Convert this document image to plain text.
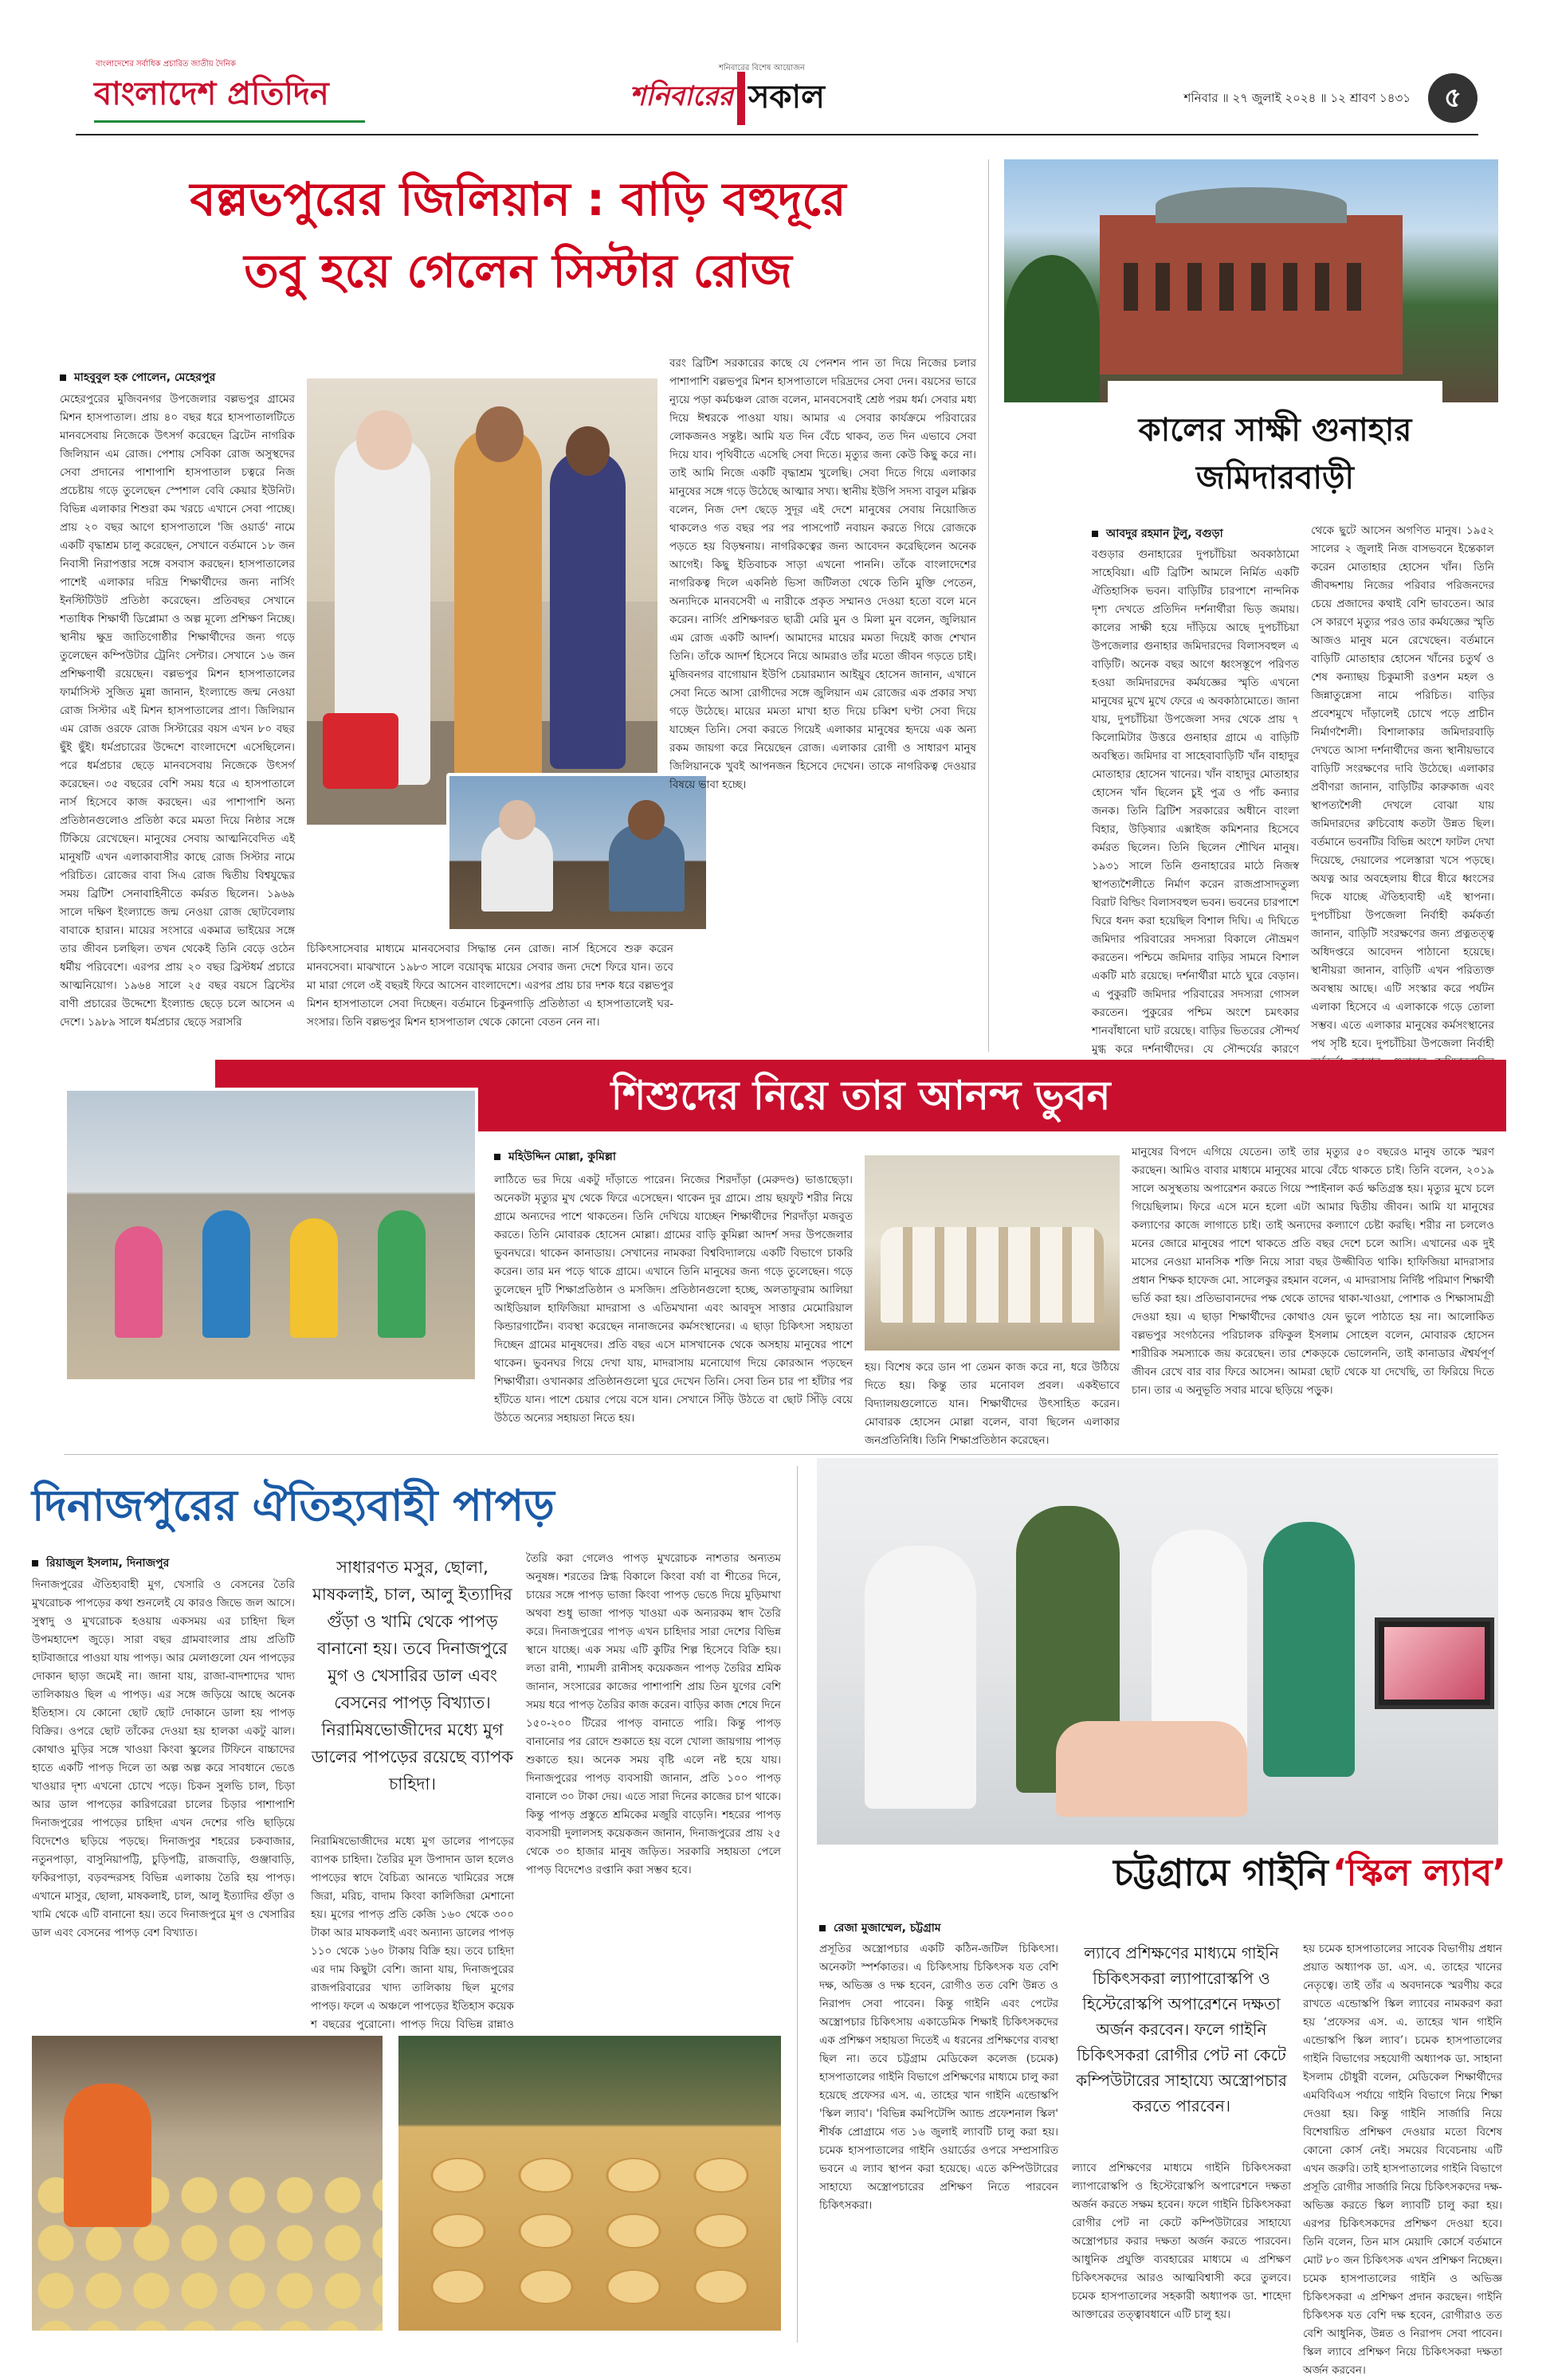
বাংলাদেশের সর্বাধিক প্রচারিত জাতীয় দৈনিক
বাংলাদেশ প্রতিদিন
শনিবারের বিশেষ আয়োজন
শনিবারের সকাল	শনিবার ॥ ২৭ জুলাই ২০২৪ ॥ ১২ শ্রাবণ ১৪৩১	৫
বল্লভপুরের জিলিয়ান : বাড়ি বহুদূরে
তবু হয়ে গেলেন সিস্টার রোজ
মাহবুবুল হক পোলেন, মেহেরপুর
মেহেরপুরের মুজিবনগর উপজেলার বল্লভপুর গ্রামের মিশন হাসপাতাল। প্রায় ৪০ বছর ধরে হাসপাতালটিতে মানবসেবায় নিজেকে উৎসর্গ করেছেন ব্রিটেন নাগরিক জিলিয়ান এম রোজ। পেশায় সেবিকা রোজ অসুস্থদের সেবা প্রদানের পাশাপাশি হাসপাতাল চত্বরে নিজ প্রচেষ্টায় গড়ে তুলেছেন স্পেশাল বেবি কেয়ার ইউনিট। বিভিন্ন এলাকার শিশুরা কম খরচে এখানে সেবা পাচ্ছে। প্রায় ২০ বছর আগে হাসপাতালে 'জি ওয়ার্ড' নামে একটি বৃদ্ধাশ্রম চালু করেছেন, সেখানে বর্তমানে ১৮ জন নিবাসী নিরাপত্তার সঙ্গে বসবাস করছেন। হাসপাতালের পাশেই এলাকার দরিদ্র শিক্ষার্থীদের জন্য নার্সিং ইনস্টিটিউট প্রতিষ্ঠা করেছেন। প্রতিবছর সেখানে শতাধিক শিক্ষার্থী ডিপ্লোমা ও অল্প মূল্যে প্রশিক্ষণ নিচ্ছে। স্থানীয় ক্ষুদ্র জাতিগোষ্ঠীর শিক্ষার্থীদের জন্য গড়ে তুলেছেন কম্পিউটার ট্রেনিং সেন্টার। সেখানে ১৬ জন প্রশিক্ষণার্থী রয়েছেন। বল্লভপুর মিশন হাসপাতালের ফার্মাসিস্ট সুজিত মুন্না জানান, ইংল্যান্ডে জন্ম নেওয়া রোজ সিস্টার এই মিশন হাসপাতালের প্রাণ। জিলিয়ান এম রোজ ওরফে রোজ সিস্টারের বয়স এখন ৮০ বছর ছুঁই ছুঁই। ধর্মপ্রচারের উদ্দেশে বাংলাদেশে এসেছিলেন। পরে ধর্মপ্রচার ছেড়ে মানবসেবায় নিজেকে উৎসর্গ করেছেন। ৩৫ বছরের বেশি সময় ধরে এ হাসপাতালে নার্স হিসেবে কাজ করছেন। এর পাশাপাশি অন্য প্রতিষ্ঠানগুলোও প্রতিষ্ঠা করে মমতা দিয়ে নিষ্ঠার সঙ্গে টিকিয়ে রেখেছেন। মানুষের সেবায় আত্মনিবেদিত এই মানুষটি এখন এলাকাবাসীর কাছে রোজ সিস্টার নামে পরিচিত। রোজের বাবা সিএ রোজ দ্বিতীয় বিশ্বযুদ্ধের সময় ব্রিটিশ সেনাবাহিনীতে কর্মরত ছিলেন। ১৯৬৯ সালে দক্ষিণ ইংল্যান্ডে জন্ম নেওয়া রোজ ছোটবেলায় বাবাকে হারান। মায়ের সংসারে একমাত্র ভাইয়ের সঙ্গে তার জীবন চলছিল। তখন থেকেই তিনি বেড়ে ওঠেন ধর্মীয় পরিবেশে। এরপর প্রায় ২০ বছর ব্রিস্টধর্ম প্রচারে আত্মনিয়োগ। ১৯৬৪ সালে ২৫ বছর বয়সে ব্রিস্টের বাণী প্রচারের উদ্দেশ্যে ইংল্যান্ড ছেড়ে চলে আসেন এ দেশে। ১৯৮৯ সালে ধর্মপ্রচার ছেড়ে সরাসরি
চিকিৎসাসেবার মাধ্যমে মানবসেবার সিদ্ধান্ত নেন রোজ। নার্স হিসেবে শুরু করেন মানবসেবা। মাঝখানে ১৯৮৩ সালে বয়োবৃদ্ধ মায়ের সেবার জন্য দেশে ফিরে যান। তবে মা মারা গেলে ৩ই বছরই ফিরে আসেন বাংলাদেশে। এরপর প্রায় চার দশক ধরে বল্লভপুর মিশন হাসপাতালে সেবা দিচ্ছেন। বর্তমানে চিকুনগাড়ি প্রতিষ্ঠাতা এ হাসপাতালেই ঘর-সংসার। তিনি বল্লভপুর মিশন হাসপাতাল থেকে কোনো বেতন নেন না।
বরং ব্রিটিশ সরকারের কাছে যে পেনশন পান তা দিয়ে নিজের চলার পাশাপাশি বল্লভপুর মিশন হাসপাতালে দরিদ্রদের সেবা দেন। বয়সের ভারে ন্যুয়ে পড়া কর্মচঞ্চল রোজ বলেন, মানবসেবাই শ্রেষ্ঠ পরম ধর্ম। সেবার মধ্য দিয়ে ঈশ্বরকে পাওয়া যায়। আমার এ সেবার কার্যক্রমে পরিবারের লোকজনও সন্তুষ্ট। আমি যত দিন বেঁচে থাকব, তত দিন এভাবে সেবা দিয়ে যাব। পৃথিবীতে এসেছি সেবা দিতে। মৃত্যুর জন্য কেউ কিছু করে না। তাই আমি নিজে একটি বৃদ্ধাশ্রম খুলেছি। সেবা দিতে গিয়ে এলাকার মানুষের সঙ্গে গড়ে উঠেছে আত্মার সখ্য। স্থানীয় ইউপি সদস্য বাবুল মল্লিক বলেন, নিজ দেশ ছেড়ে সুদূর এই দেশে মানুষের সেবায় নিয়োজিত থাকলেও গত বছর পর পর পাসপোর্ট নবায়ন করতে গিয়ে রোজকে পড়তে হয় বিড়ম্বনায়। নাগরিকত্বের জন্য আবেদন করেছিলেন অনেক আগেই। কিছু ইতিবাচক সাড়া এখনো পাননি। তাঁকে বাংলাদেশের নাগরিকত্ব দিলে একনিষ্ঠ ভিসা জটিলতা থেকে তিনি মুক্তি পেতেন, অন্যদিকে মানবসেবী এ নারীকে প্রকৃত সম্মানও দেওয়া হতো বলে মনে করেন। নার্সিং প্রশিক্ষণরত ছাত্রী মেরি মুন ও মিলা মুন বলেন, জুলিয়ান এম রোজ একটি আদর্শ। আমাদের মায়ের মমতা দিয়েই কাজ শেখান তিনি। তাঁকে আদর্শ হিসেবে নিয়ে আমরাও তাঁর মতো জীবন গড়তে চাই। মুজিবনগর বাগোয়ান ইউপি চেয়ারম্যান আইয়ুব হোসেন জানান, এখানে সেবা নিতে আসা রোগীদের সঙ্গে জুলিয়ান এম রোজের এক প্রকার সখ্য গড়ে উঠেছে। মায়ের মমতা মাখা হাত দিয়ে চব্বিশ ঘণ্টা সেবা দিয়ে যাচ্ছেন তিনি। সেবা করতে গিয়েই এলাকার মানুষের হৃদয়ে এক অন্য রকম জায়গা করে নিয়েছেন রোজ। এলাকার রোগী ও সাধারণ মানুষ জিলিয়ানকে খুবই আপনজন হিসেবে দেখেন। তাকে নাগরিকত্ব দেওয়ার বিষয়ে ভাবা হচ্ছে।
কালের সাক্ষী গুনাহার
জমিদারবাড়ী
আবদুর রহমান টুলু, বগুড়া
বগুড়ার গুনাহারের দুপচাঁচিয়া অবকাঠামো সাহেবিয়া। এটি ব্রিটিশ আমলে নির্মিত একটি ঐতিহাসিক ভবন। বাড়িটির চারপাশে নান্দনিক দৃশ্য দেখতে প্রতিদিন দর্শনার্থীরা ভিড় জমায়। কালের সাক্ষী হয়ে দাঁড়িয়ে আছে দুপচাঁচিয়া উপজেলার গুনাহার জমিদারদের বিলাসবহুল এ বাড়িটি। অনেক বছর আগে ধ্বংসস্তূপে পরিণত হওয়া জমিদারদের কর্মযজ্ঞের স্মৃতি এখনো মানুষের মুখে মুখে ফেরে এ অবকাঠামোতে। জানা যায়, দুপচাঁচিয়া উপজেলা সদর থেকে প্রায় ৭ কিলোমিটার উত্তরে গুনাহার গ্রামে এ বাড়িটি অবস্থিত। জমিদার বা সাহেবাবাড়িটি খাঁন বাহাদুর মোতাহার হোসেন খানের। খাঁন বাহাদুর মোতাহার হোসেন খাঁন ছিলেন চুই পুত্র ও পাঁচ কন্যার জনক। তিনি ব্রিটিশ সরকারের অধীনে বাংলা বিহার, উড়িষ্যার এক্সাইজ কমিশনার হিসেবে কর্মরত ছিলেন। তিনি ছিলেন শৌখিন মানুষ। ১৯৩১ সালে তিনি গুনাহারের মাঠে নিজস্ব স্থাপত্যশৈলীতে নির্মাণ করেন রাজপ্রাসাদতুল্য বিরাট বিল্ডিং বিলাসবহুল ভবন। ভবনের চারপাশে ঘিরে ধনদ করা হয়েছিল বিশাল দিঘি। এ দিঘিতে জমিদার পরিবারের সদস্যরা বিকালে নৌভ্রমণ করতেন। পশ্চিমে জমিদার বাড়ির সামনে বিশাল একটি মাঠ রয়েছে। দর্শনার্থীরা মাঠে ঘুরে বেড়ান। এ পুকুরটি জমিদার পরিবারের সদস্যরা গোসল করতেন। পুকুরের পশ্চিম অংশে চমৎকার শানবাঁধানো ঘাট রয়েছে। বাড়ির ভিতরের সৌন্দর্য মুগ্ধ করে দর্শনার্থীদের। যে সৌন্দর্যের কারণে
থেকে ছুটে আসেন অগণিত মানুষ। ১৯৫২ সালের ২ জুলাই নিজ বাসভবনে ইন্তেকাল করেন মোতাহার হোসেন খাঁন। তিনি জীবদ্দশায় নিজের পরিবার পরিজনদের চেয়ে প্রজাদের কথাই বেশি ভাবতেন। আর সে কারণে মৃত্যুর পরও তার কর্মযজ্ঞের স্মৃতি আজও মানুষ মনে রেখেছেন। বর্তমানে বাড়িটি মোতাহার হোসেন খাঁনের চতুর্থ ও শেষ কন্যাছয় চিকুমাসী রওশন মহল ও জিন্নাতুন্নেসা নামে পরিচিত। বাড়ির প্রবেশমুখে দাঁড়ালেই চোখে পড়ে প্রাচীন নির্মাণশৈলী। বিশালাকার জমিদারবাড়ি দেখতে আসা দর্শনার্থীদের জন্য স্থানীয়ভাবে বাড়িটি সংরক্ষণের দাবি উঠেছে। এলাকার প্রবীণরা জানান, বাড়িটির কারুকাজ এবং স্থাপত্যশৈলী দেখলে বোঝা যায় জমিদারদের রুচিবোধ কতটা উন্নত ছিল। বর্তমানে ভবনটির বিভিন্ন অংশে ফাটল দেখা দিয়েছে, দেয়ালের পলেস্তারা খসে পড়ছে। অযত্ন আর অবহেলায় ধীরে ধীরে ধ্বংসের দিকে যাচ্ছে ঐতিহ্যবাহী এই স্থাপনা। দুপচাঁচিয়া উপজেলা নির্বাহী কর্মকর্তা জানান, বাড়িটি সংরক্ষণের জন্য প্রত্নতত্ত্ব অধিদপ্তরে আবেদন পাঠানো হয়েছে। স্থানীয়রা জানান, বাড়িটি এখন পরিত্যক্ত অবস্থায় আছে। এটি সংস্কার করে পর্যটন এলাকা হিসেবে এ এলাকাকে গড়ে তোলা সম্ভব। এতে এলাকার মানুষের কর্মসংস্থানের পথ সৃষ্টি হবে। দুপচাঁচিয়া উপজেলা নির্বাহী
শিশুদের নিয়ে তার আনন্দ ভুবন
মহিউদ্দিন মোল্লা, কুমিল্লা
লাঠিতে ভর দিয়ে একটু দাঁড়াতে পারেন। নিজের শিরদাঁড়া (মেরুদণ্ড) ভাঙাছেড়া। অনেকটা মৃত্যুর মুখ থেকে ফিরে এসেছেন। থাকেন দুর গ্রামে। প্রায় ছয়ফুট শরীর নিয়ে গ্রামে অন্যদের পাশে থাকতেন। তিনি দেখিয়ে যাচ্ছেন শিক্ষার্থীদের শিরদাঁড়া মজবুত করতে। তিনি মোবারক হোসেন মোল্লা। গ্রামের বাড়ি কুমিল্লা আদর্শ সদর উপজেলার ভুবনঘরে। থাকেন কানাডায়। সেখানের নামকরা বিশ্ববিদ্যালয়ে একটি বিভাগে চাকরি করেন। তার মন পড়ে থাকে গ্রামে। এখানে তিনি মানুষের জন্য গড়ে তুলেছেন। গড়ে তুলেছেন দুটি শিক্ষাপ্রতিষ্ঠান ও মসজিদ। প্রতিষ্ঠানগুলো হচ্ছে, অলতাফুরাম আলিয়া আইডিয়াল হাফিজিয়া মাদরাসা ও এতিমখানা এবং আবদুস সাত্তার মেমোরিয়াল কিন্ডারগার্টেন। ব্যবস্থা করেছেন নানাজনের কর্মসংস্থানের। এ ছাড়া চিকিৎসা সহায়তা দিচ্ছেন গ্রামের মানুষদের। প্রতি বছর এসে মাসখানেক থেকে অসহায় মানুষের পাশে থাকেন। ভুবনঘর গিয়ে দেখা যায়, মাদরাসায় মনোযোগ দিয়ে কোরআন পড়ছেন শিক্ষার্থীরা। ওখানকার প্রতিষ্ঠানগুলো ঘুরে দেখেন তিনি। সেবা তিন চার পা হাঁটার পর হাঁটতে যান। পাশে চেয়ার পেয়ে বসে যান। সেখানে সিঁড়ি উঠতে বা ছোট সিঁড়ি বেয়ে উঠতে অন্যের সহায়তা নিতে হয়।
হয়। বিশেষ করে ডান পা তেমন কাজ করে না, ধরে উঠিয়ে দিতে হয়। কিন্তু তার মনোবল প্রবল। একইভাবে বিদ্যালয়গুলোতে যান। শিক্ষার্থীদের উৎসাহিত করেন। মোবারক হোসেন মোল্লা বলেন, বাবা ছিলেন এলাকার জনপ্রতিনিধি। তিনি শিক্ষাপ্রতিষ্ঠান করেছেন।
মানুষের বিপদে এগিয়ে যেতেন। তাই তার মৃত্যুর ৫০ বছরেও মানুষ তাকে স্মরণ করছেন। আমিও বাবার মাধ্যমে মানুষের মাঝে বেঁচে থাকতে চাই। তিনি বলেন, ২০১৯ সালে অসুস্থতায় অপারেশন করতে গিয়ে স্পাইনাল কর্ড ক্ষতিগ্রস্ত হয়। মৃত্যুর মুখে চলে গিয়েছিলাম। ফিরে এসে মনে হলো এটা আমার দ্বিতীয় জীবন। আমি যা মানুষের কল্যাণের কাজে লাগাতে চাই। তাই অন্যদের কল্যাণে চেষ্টা করছি। শরীর না চললেও মনের জোরে মানুষের পাশে থাকতে প্রতি বছর দেশে চলে আসি। এখানের এক দুই মাসের নেওয়া মানসিক শক্তি নিয়ে সারা বছর উজ্জীবিত থাকি। হাফিজিয়া মাদরাসার প্রধান শিক্ষক হাফেজ মো. সালেকুর রহমান বলেন, এ মাদরাসায় নির্দিষ্ট পরিমাণ শিক্ষার্থী ভর্তি করা হয়। প্রতিভাবানদের পক্ষ থেকে তাদের থাকা-খাওয়া, পোশাক ও শিক্ষাসামগ্রী দেওয়া হয়। এ ছাড়া শিক্ষার্থীদের কোথাও যেন ভুলে পাঠাতে হয় না। আলোকিত বল্লভপুর সংগঠনের পরিচালক রফিকুল ইসলাম সোহেল বলেন, মোবারক হোসেন শারীরিক সমস্যাকে জয় করেছেন। তার শেকড়কে ভোলেননি, তাই কানাডার ঐশ্বর্যপূর্ণ জীবন রেখে বার বার ফিরে আসেন। আমরা ছোট থেকে যা দেখেছি, তা ফিরিয়ে দিতে চান। তার এ অনুভূতি সবার মাঝে ছড়িয়ে পড়ুক।
দিনাজপুরের ঐতিহ্যবাহী পাপড়
রিয়াজুল ইসলাম, দিনাজপুর
দিনাজপুরের ঐতিহ্যবাহী মুগ, খেসারি ও বেসনের তৈরি মুখরোচক পাপড়ের কথা শুনলেই যে কারও জিভে জল আসে। সুস্বাদু ও মুখরোচক হওয়ায় একসময় এর চাহিদা ছিল উপমহাদেশ জুড়ে। সারা বছর গ্রামবাংলার প্রায় প্রতিটি হাটবাজারে পাওয়া যায় পাপড়। আর মেলাগুলো যেন পাপড়ের দোকান ছাড়া জমেই না। জানা যায়, রাজা-বাদশাদের খাদ্য তালিকায়ও ছিল এ পাপড়। এর সঙ্গে জড়িয়ে আছে অনেক ইতিহাস। যে কোনো ছোট ছোট দোকানে ডালা হয় পাপড় বিক্রির। ওপরে ছোট তাঁকের দেওয়া হয় হালকা একটু ঝাল। কোথাও মুড়ির সঙ্গে খাওয়া কিংবা স্কুলের টিফিনে বাচ্চাদের হাতে একটি পাপড় দিলে তা অল্প অল্প করে সাবধানে ভেঙে খাওয়ার দৃশ্য এখনো চোখে পড়ে। চিকন সুলভি চাল, চিড়া আর ডাল পাপড়ের কারিগরেরা চালের চিড়ার পাশাপাশি দিনাজপুরের পাপড়ের চাহিদা এখন দেশের গণ্ডি ছাড়িয়ে বিদেশেও ছড়িয়ে পড়ছে। দিনাজপুর শহরের চকবাজার, নতুনপাড়া, বাসুনিয়াপট্টি, চুড়িপট্টি, রাজবাড়ি, গুঞ্জাবাড়ি, ফকিরপাড়া, বড়বন্দরসহ বিভিন্ন এলাকায় তৈরি হয় পাপড়। এখানে মাসুর, ছোলা, মাষকলাই, চাল, আলু ইত্যাদির গুঁড়া ও খামি থেকে এটি বানানো হয়। তবে দিনাজপুরে মুগ ও খেসারির ডাল এবং বেসনের পাপড় বেশ বিখ্যাত।
সাধারণত মসুর, ছোলা, মাষকলাই, চাল, আলু ইত্যাদির গুঁড়া ও খামি থেকে পাপড় বানানো হয়। তবে দিনাজপুরে মুগ ও খেসারির ডাল এবং বেসনের পাপড় বিখ্যাত। নিরামিষভোজীদের মধ্যে মুগ ডালের পাপড়ের রয়েছে ব্যাপক চাহিদা।
নিরামিষভোজীদের মধ্যে মুগ ডালের পাপড়ের ব্যাপক চাহিদা। তৈরির মূল উপাদান ডাল হলেও পাপড়ের স্বাদে বৈচিত্র্য আনতে খামিরের সঙ্গে জিরা, মরিচ, বাদাম কিংবা কালিজিরা মেশানো হয়। মুগের পাপড় প্রতি কেজি ১৬০ থেকে ৩০০ টাকা আর মাষকলাই এবং অন্যান্য ডালের পাপড় ১১০ থেকে ১৬০ টাকায় বিক্রি হয়। তবে চাহিদা এর দাম কিছুটা বেশি। জানা যায়, দিনাজপুরের রাজপরিবারের খাদ্য তালিকায় ছিল মুগের পাপড়। ফলে এ অঞ্চলে পাপড়ের ইতিহাস কয়েক শ বছরের পুরোনো। পাপড় দিয়ে বিভিন্ন রান্নাও
তৈরি করা গেলেও পাপড় মুখরোচক নাশতার অন্যতম অনুষঙ্গ। শরতের স্নিগ্ধ বিকালে কিংবা বর্ষা বা শীতের দিনে, চায়ের সঙ্গে পাপড় ভাজা কিংবা পাপড় ভেঙে দিয়ে মুড়িমাখা অথবা শুধু ভাজা পাপড় খাওয়া এক অন্যরকম স্বাদ তৈরি করে। দিনাজপুরের পাপড় এখন চাহিদার সারা দেশের বিভিন্ন স্থানে যাচ্ছে। এক সময় এটি কুটির শিল্প হিসেবে বিক্রি হয়। লতা রানী, শ্যামলী রানীসহ কয়েকজন পাপড় তৈরির শ্রমিক জানান, সংসারের কাজের পাশাপাশি প্রায় তিন যুগের বেশি সময় ধরে পাপড় তৈরির কাজ করেন। বাড়ির কাজ শেষে দিনে ১৫০-২০০ টিরের পাপড় বানাতে পারি। কিন্তু পাপড় বানানোর পর রোদে শুকাতে হয় বলে খোলা জায়গায় পাপড় শুকাতে হয়। অনেক সময় বৃষ্টি এলে নষ্ট হয়ে যায়। দিনাজপুরের পাপড় ব্যবসায়ী জানান, প্রতি ১০০ পাপড় বানালে ৩০ টাকা দেয়। এতে সারা দিনের কাজের চাপ থাকে। কিন্তু পাপড় প্রস্তুতে শ্রমিকের মজুরি বাড়েনি। শহরের পাপড় ব্যবসায়ী দুলালসহ কয়েকজন জানান, দিনাজপুরের প্রায় ২৫ থেকে ৩০ হাজার মানুষ জড়িত। সরকারি সহায়তা পেলে পাপড় বিদেশেও রপ্তানি করা সম্ভব হবে।	চট্টগ্রামে গাইনি ‘স্কিল ল্যাব’
রেজা মুজাম্মেল, চট্টগ্রাম
প্রসূতির অস্ত্রোপচার একটি কঠিন-জটিল চিকিৎসা। অনেকটা স্পর্শকাতর। এ চিকিৎসায় চিকিৎসক যত বেশি দক্ষ, অভিজ্ঞ ও দক্ষ হবেন, রোগীও তত বেশি উন্নত ও নিরাপদ সেবা পাবেন। কিন্তু গাইনি এবং পেটের অস্ত্রোপচার চিকিৎসায় একাডেমিক শিক্ষাই চিকিৎসকদের এক প্রশিক্ষণ সহায়তা দিতেই এ ধরনের প্রশিক্ষণের ব্যবস্থা ছিল না। তবে চট্টগ্রাম মেডিকেল কলেজ (চমেক) হাসপাতালের গাইনি বিভাগে প্রশিক্ষণের মাধ্যমে চালু করা হয়েছে প্রফেসর এস. এ. তাহের খান গাইনি এন্ডোস্কপি 'স্কিল ল্যাব'। 'বিভিন্ন কমপিটেন্সি অ্যান্ড প্রফেশনাল স্কিল' শীর্ষক প্রোগ্রামে গত ১৬ জুলাই ল্যাবটি চালু করা হয়। চমেক হাসপাতালের গাইনি ওয়ার্ডের ওপরে সম্প্রসারিত ভবনে এ ল্যাব স্থাপন করা হয়েছে। এতে কম্পিউটারের সাহায্যে অস্ত্রোপচারের প্রশিক্ষণ নিতে পারবেন চিকিৎসকরা।
ল্যাবে প্রশিক্ষণের মাধ্যমে গাইনি চিকিৎসকরা ল্যাপারোস্কপি ও হিস্টেরোস্কপি অপারেশনে দক্ষতা অর্জন করবেন। ফলে গাইনি চিকিৎসকরা রোগীর পেট না কেটে কম্পিউটারের সাহায্যে অস্ত্রোপচার করতে পারবেন।
ল্যাবে প্রশিক্ষণের মাধ্যমে গাইনি চিকিৎসকরা ল্যাপারোস্কপি ও হিস্টেরোস্কপি অপারেশনে দক্ষতা অর্জন করতে সক্ষম হবেন। ফলে গাইনি চিকিৎসকরা রোগীর পেট না কেটে কম্পিউটারের সাহায্যে অস্ত্রোপচার করার দক্ষতা অর্জন করতে পারবেন। আধুনিক প্রযুক্তি ব্যবহারের মাধ্যমে এ প্রশিক্ষণ চিকিৎসকদের আরও আত্মবিশ্বাসী করে তুলবে। চমেক হাসপাতালের সহকারী অধ্যাপক ডা. শাহেদা আক্তারের তত্ত্বাবধানে এটি চালু হয়।
হয় চমেক হাসপাতালের সাবেক বিভাগীয় প্রধান প্রয়াত অধ্যাপক ডা. এস. এ. তাহের খানের নেতৃত্বে। তাই তাঁর এ অবদানকে স্মরণীয় করে রাখতে এন্ডোস্কপি স্কিল ল্যাবের নামকরণ করা হয় ‘প্রফেসর এস. এ. তাহের খান গাইনি এন্ডোস্কপি স্কিল ল্যাব’। চমেক হাসপাতালের গাইনি বিভাগের সহযোগী অধ্যাপক ডা. সাহানা ইসলাম চৌধুরী বলেন, মেডিকেল শিক্ষার্থীদের এমবিবিএস পর্যায়ে গাইনি বিভাগে নিয়ে শিক্ষা দেওয়া হয়। কিন্তু গাইনি সার্জারি নিয়ে বিশেষায়িত প্রশিক্ষণ দেওয়ার মতো বিশেষ কোনো কোর্স নেই। সময়ের বিবেচনায় এটি এখন জরুরি। তাই হাসপাতালের গাইনি বিভাগে প্রসূতি রোগীর সার্জারি নিয়ে চিকিৎসকদের দক্ষ-অভিজ্ঞ করতে স্কিল ল্যাবটি চালু করা হয়। এরপর চিকিৎসকদের প্রশিক্ষণ দেওয়া হবে। তিনি বলেন, তিন মাস মেয়াদি কোর্সে বর্তমানে মোট ৮০ জন চিকিৎসক এখন প্রশিক্ষণ নিচ্ছেন। চমেক হাসপাতালের গাইনি ও অভিজ্ঞ চিকিৎসকরা এ প্রশিক্ষণ প্রদান করছেন। গাইনি চিকিৎসক যত বেশি দক্ষ হবেন, রোগীরাও তত বেশি আধুনিক, উন্নত ও নিরাপদ সেবা পাবেন। স্কিল ল্যাবে প্রশিক্ষণ নিয়ে চিকিৎসকরা দক্ষতা অর্জন করবেন।
